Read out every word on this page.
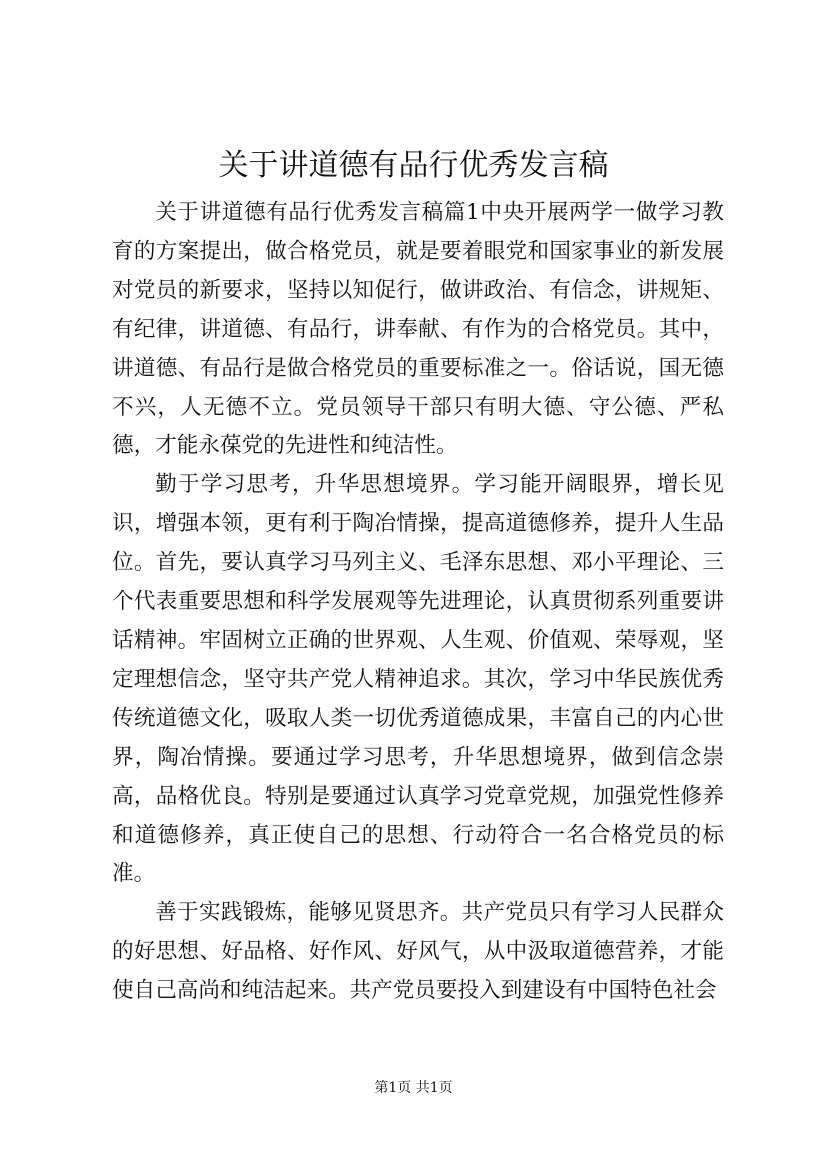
关于讲道德有品行优秀发言稿

关于讲道德有品行优秀发言稿篇1中央开展两学一做学习教育的方案提出，做合格党员，就是要着眼党和国家事业的新发展对党员的新要求，坚持以知促行，做讲政治、有信念，讲规矩、有纪律，讲道德、有品行，讲奉献、有作为的合格党员。其中，讲道德、有品行是做合格党员的重要标准之一。俗话说，国无德不兴，人无德不立。党员领导干部只有明大德、守公德、严私德，才能永葆党的先进性和纯洁性。

勤于学习思考，升华思想境界。学习能开阔眼界，增长见识，增强本领，更有利于陶冶情操，提高道德修养，提升人生品位。首先，要认真学习马列主义、毛泽东思想、邓小平理论、三个代表重要思想和科学发展观等先进理论，认真贯彻系列重要讲话精神。牢固树立正确的世界观、人生观、价值观、荣辱观，坚定理想信念，坚守共产党人精神追求。其次，学习中华民族优秀传统道德文化，吸取人类一切优秀道德成果，丰富自己的内心世界，陶冶情操。要通过学习思考，升华思想境界，做到信念崇高，品格优良。特别是要通过认真学习党章党规，加强党性修养和道德修养，真正使自己的思想、行动符合一名合格党员的标准。

善于实践锻炼，能够见贤思齐。共产党员只有学习人民群众的好思想、好品格、好作风、好风气，从中汲取道德营养，才能使自己高尚和纯洁起来。共产党员要投入到建设有中国特色社会

第1页 共1页
